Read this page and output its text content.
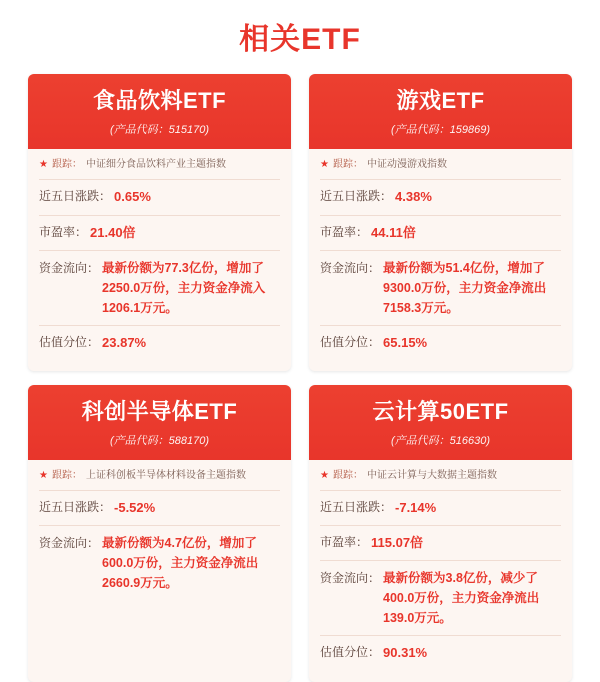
相关ETF
食品饮料ETF
(产品代码：515170)
★ 跟踪： 中证细分食品饮料产业主题指数
近五日涨跌： 0.65%
市盈率： 21.40倍
资金流向： 最新份额为77.3亿份，增加了2250.0万份，主力资金净流入1206.1万元。
估值分位： 23.87%
游戏ETF
(产品代码：159869)
★ 跟踪： 中证动漫游戏指数
近五日涨跌： 4.38%
市盈率： 44.11倍
资金流向： 最新份额为51.4亿份，增加了9300.0万份，主力资金净流出7158.3万元。
估值分位： 65.15%
科创半导体ETF
(产品代码：588170)
★ 跟踪： 上证科创板半导体材料设备主题指数
近五日涨跌： -5.52%
资金流向： 最新份额为4.7亿份，增加了600.0万份，主力资金净流出2660.9万元。
云计算50ETF
(产品代码：516630)
★ 跟踪： 中证云计算与大数据主题指数
近五日涨跌： -7.14%
市盈率： 115.07倍
资金流向： 最新份额为3.8亿份，减少了400.0万份，主力资金净流出139.0万元。
估值分位： 90.31%
